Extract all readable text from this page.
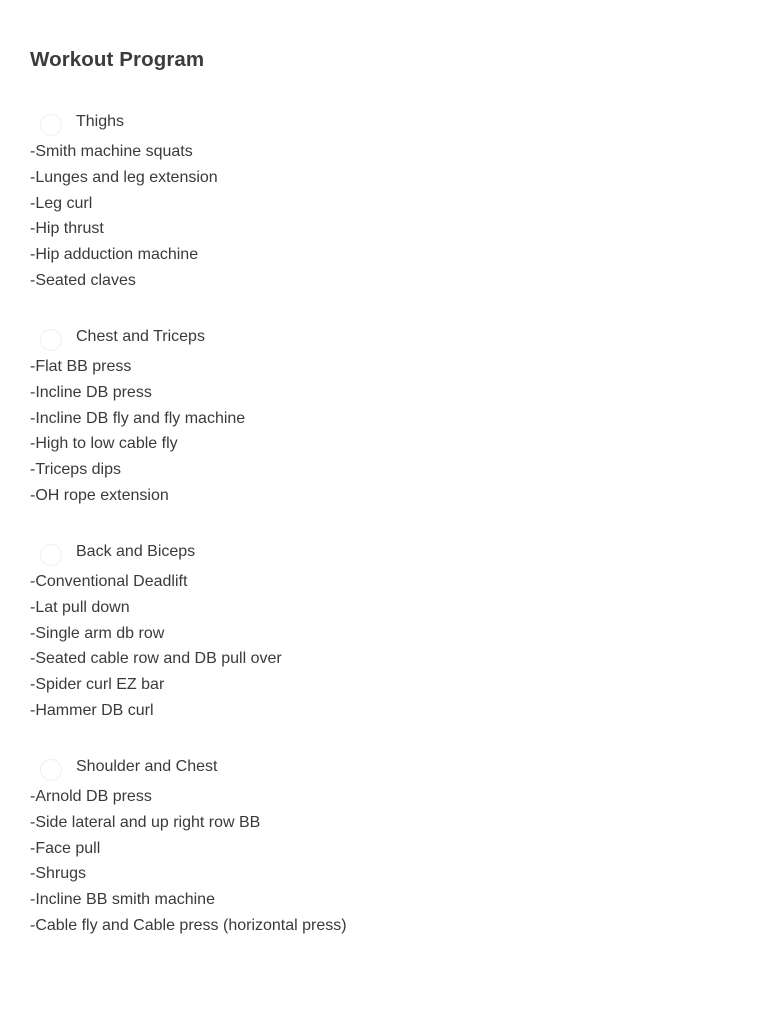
Workout Program
Thighs
-Smith machine squats
-Lunges and leg extension
-Leg curl
-Hip thrust
-Hip adduction machine
-Seated claves
Chest and Triceps
-Flat BB press
-Incline DB press
-Incline DB fly and fly machine
-High to low cable fly
-Triceps dips
-OH rope extension
Back and Biceps
-Conventional Deadlift
-Lat pull down
-Single arm db row
-Seated cable row and DB pull over
-Spider curl EZ bar
-Hammer DB curl
Shoulder and Chest
-Arnold DB press
-Side lateral and up right row BB
-Face pull
-Shrugs
-Incline BB smith machine
-Cable fly and Cable press (horizontal press)
